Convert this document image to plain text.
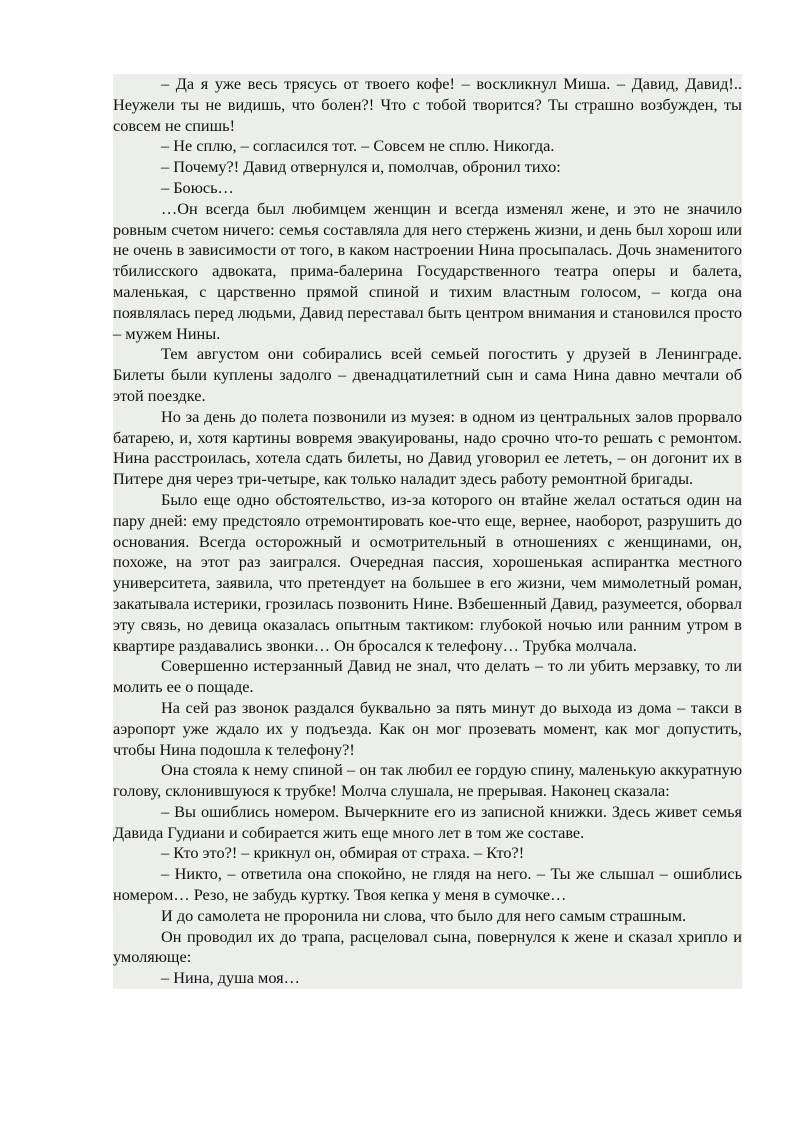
– Да я уже весь трясусь от твоего кофе! – воскликнул Миша. – Давид, Давид!.. Неужели ты не видишь, что болен?! Что с тобой творится? Ты страшно возбужден, ты совсем не спишь!

– Не сплю, – согласился тот. – Совсем не сплю. Никогда.

– Почему?! Давид отвернулся и, помолчав, обронил тихо:

– Боюсь…

…Он всегда был любимцем женщин и всегда изменял жене, и это не значило ровным счетом ничего: семья составляла для него стержень жизни, и день был хорош или не очень в зависимости от того, в каком настроении Нина просыпалась. Дочь знаменитого тбилисского адвоката, прима-балерина Государственного театра оперы и балета, маленькая, с царственно прямой спиной и тихим властным голосом, – когда она появлялась перед людьми, Давид переставал быть центром внимания и становился просто – мужем Нины.

Тем августом они собирались всей семьей погостить у друзей в Ленинграде. Билеты были куплены задолго – двенадцатилетний сын и сама Нина давно мечтали об этой поездке.

Но за день до полета позвонили из музея: в одном из центральных залов прорвало батарею, и, хотя картины вовремя эвакуированы, надо срочно что-то решать с ремонтом. Нина расстроилась, хотела сдать билеты, но Давид уговорил ее лететь, – он догонит их в Питере дня через три-четыре, как только наладит здесь работу ремонтной бригады.

Было еще одно обстоятельство, из-за которого он втайне желал остаться один на пару дней: ему предстояло отремонтировать кое-что еще, вернее, наоборот, разрушить до основания. Всегда осторожный и осмотрительный в отношениях с женщинами, он, похоже, на этот раз заигрался. Очередная пассия, хорошенькая аспирантка местного университета, заявила, что претендует на большее в его жизни, чем мимолетный роман, закатывала истерики, грозилась позвонить Нине. Взбешенный Давид, разумеется, оборвал эту связь, но девица оказалась опытным тактиком: глубокой ночью или ранним утром в квартире раздавались звонки… Он бросался к телефону… Трубка молчала.

Совершенно истерзанный Давид не знал, что делать – то ли убить мерзавку, то ли молить ее о пощаде.

На сей раз звонок раздался буквально за пять минут до выхода из дома – такси в аэропорт уже ждало их у подъезда. Как он мог прозевать момент, как мог допустить, чтобы Нина подошла к телефону?!

Она стояла к нему спиной – он так любил ее гордую спину, маленькую аккуратную голову, склонившуюся к трубке! Молча слушала, не прерывая. Наконец сказала:

– Вы ошиблись номером. Вычеркните его из записной книжки. Здесь живет семья Давида Гудиани и собирается жить еще много лет в том же составе.

– Кто это?! – крикнул он, обмирая от страха. – Кто?!

– Никто, – ответила она спокойно, не глядя на него. – Ты же слышал – ошиблись номером… Резо, не забудь куртку. Твоя кепка у меня в сумочке…

И до самолета не проронила ни слова, что было для него самым страшным.

Он проводил их до трапа, расцеловал сына, повернулся к жене и сказал хрипло и умоляюще:

– Нина, душа моя…
